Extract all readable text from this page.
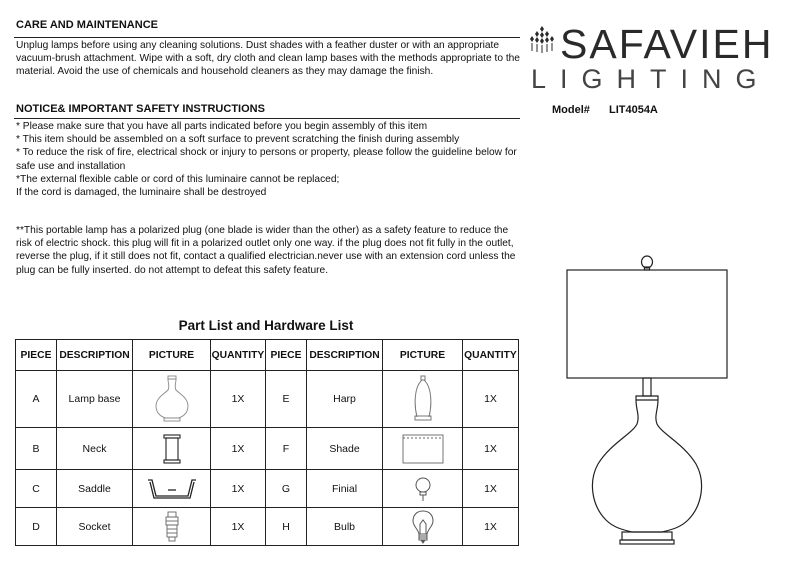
CARE AND MAINTENANCE
Unplug lamps before using any cleaning solutions. Dust shades with a feather duster or with an appropriate
vacuum-brush attachment. Wipe with a soft, dry cloth and clean lamp bases with the methods appropriate to the material. Avoid the use of chemicals and household cleaners as they may damage the finish.
NOTICE& IMPORTANT SAFETY INSTRUCTIONS
* Please make sure that you have all parts indicated before you begin assembly of this item
* This item should be assembled on a soft surface to prevent scratching the finish during assembly
* To reduce the risk of fire, electrical shock or injury to persons or property, please follow the guideline below for safe use and installation
*The external flexible cable or cord of this luminaire cannot be replaced;
If the cord is damaged, the luminaire shall be destroyed
**This portable lamp has a polarized plug (one blade is wider than the other) as a safety feature to reduce the risk of electric shock. this plug will fit in a polarized outlet only one way. if the plug does not fit fully in the outlet, reverse the plug, if it still does not fit, contact a qualified electrician.never use with an extension cord unless the plug can be fully inserted. do not attempt to defeat this safety feature.
SAFAVIEH
LIGHTING
Model# LIT4054A
Part List and Hardware List
PIECE	DESCRIPTION	PICTURE	QUANTITY	PIECE	DESCRIPTION	PICTURE	QUANTITY
A	Lamp base		1X	E	Harp		1X
B	Neck		1X	F	Shade		1X
C	Saddle		1X	G	Finial		1X
D	Socket		1X	H	Bulb		1X
